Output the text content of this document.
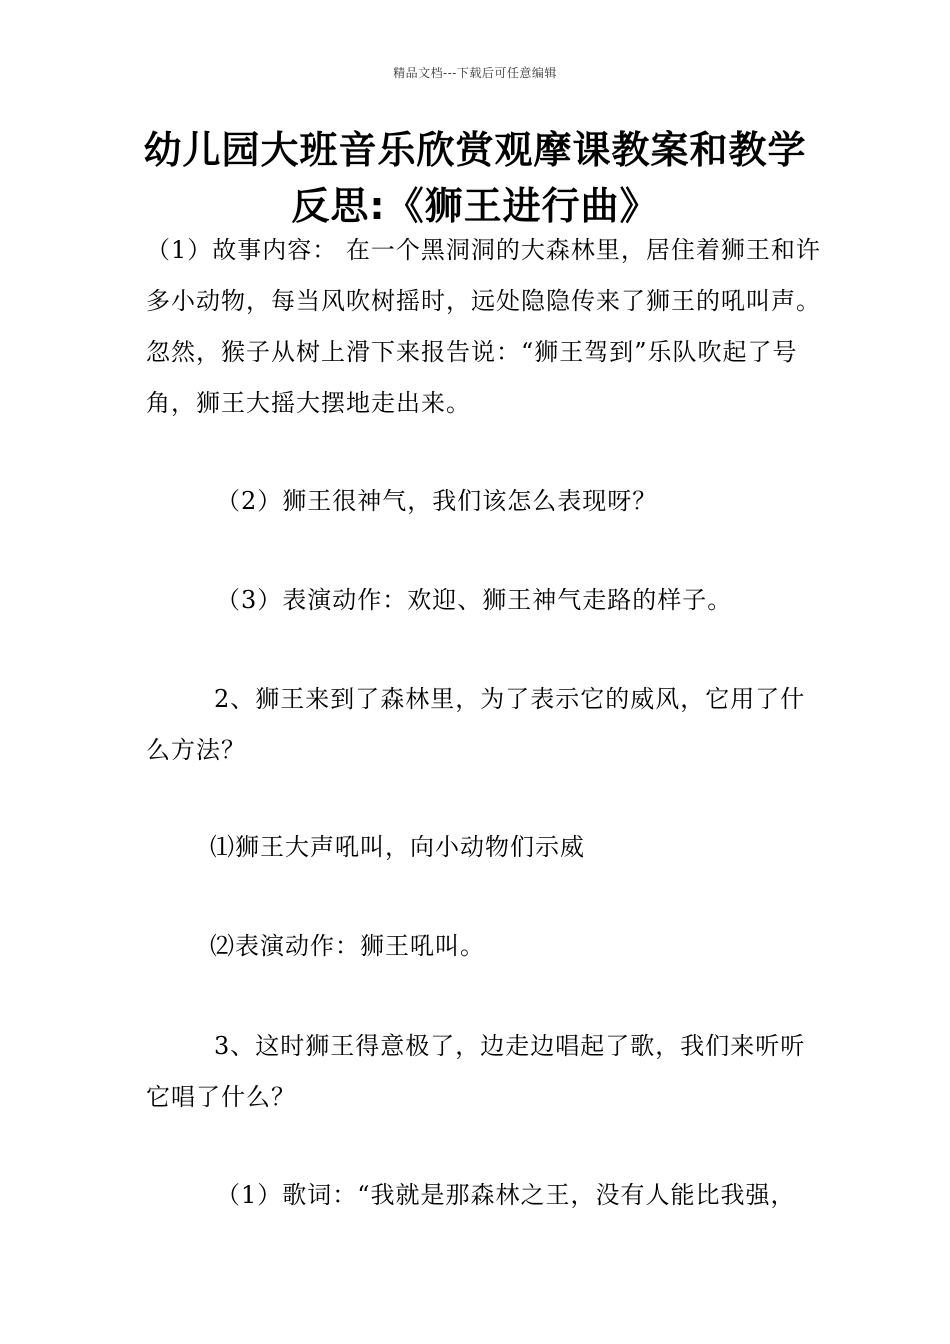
精品文档---下载后可任意编辑
幼儿园大班音乐欣赏观摩课教案和教学
反思:《狮王进行曲》

（1）故事内容： 在一个黑洞洞的大森林里，居住着狮王和许多小动物，每当风吹树摇时，远处隐隐传来了狮王的吼叫声。忽然，猴子从树上滑下来报告说：“狮王驾到”乐队吹起了号角，狮王大摇大摆地走出来。

（2）狮王很神气，我们该怎么表现呀？

（3）表演动作：欢迎、狮王神气走路的样子。

2、狮王来到了森林里，为了表示它的威风，它用了什么方法？

⑴狮王大声吼叫，向小动物们示威

⑵表演动作：狮王吼叫。

3、这时狮王得意极了，边走边唱起了歌，我们来听听它唱了什么？

（1）歌词：“我就是那森林之王，没有人能比我强，
